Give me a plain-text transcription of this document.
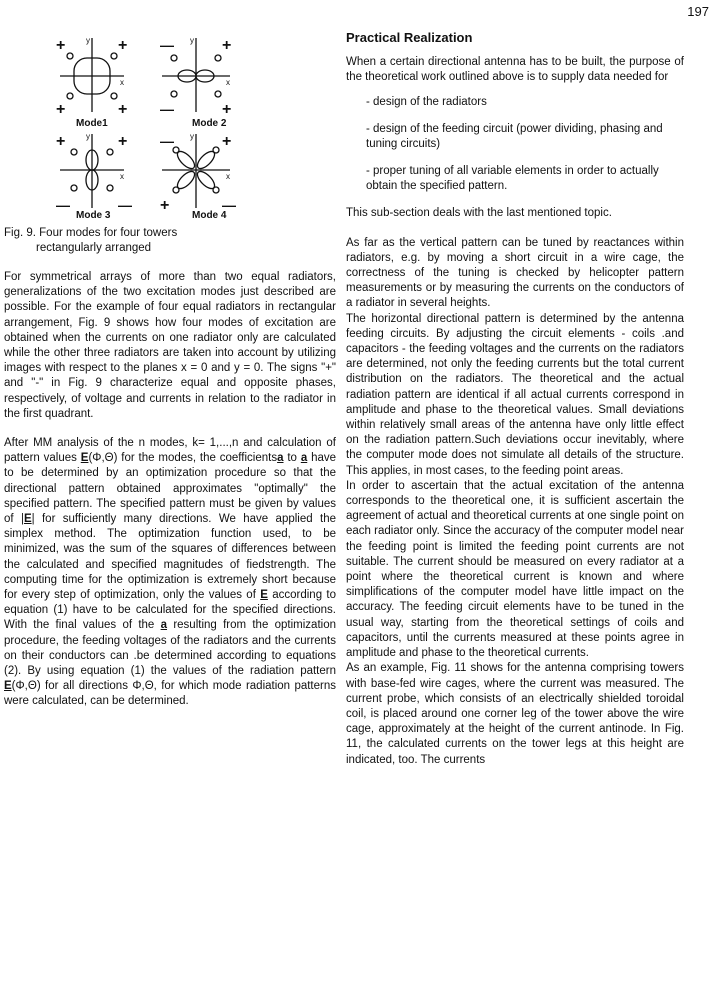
197
+	+
+	+
—	+
—	+
+	+
—	—
—	+
+	—
y
x
y
x
y
x
y
x
Mode1	Mode 2
Mode 3	Mode 4
Fig. 9. Four modes for four towers
rectangularly arranged

For symmetrical arrays of more than two equal radiators, generalizations of the two excitation modes just described are possible. For the example of four equal radiators in rectangular arrangement, Fig. 9 shows how four modes of excitation are obtained when the currents on one radiator only are calculated while the other three radiators are taken into account by utilizing images with respect to the planes x = 0 and y = 0. The signs "+" and "-" in Fig. 9 characterize equal and opposite phases, respectively, of voltage and currents in relation to the radiator in the first quadrant.

After MM analysis of the n modes, k= 1,...,n and calculation of pattern values E(Φ,Θ) for the modes, the coefficientsa to a have to be determined by an optimization procedure so that the directional pattern obtained approximates "optimally" the specified pattern. The specified pattern must be given by values of |E| for sufficiently many directions. We have applied the simplex method. The optimization function used, to be minimized, was the sum of the squares of differences between the calculated and specified magnitudes of fiedstrength. The computing time for the optimization is extremely short because for every step of optimization, only the values of E according to equation (1) have to be calculated for the specified directions. With the final values of the a resulting from the optimization procedure, the feeding voltages of the radiators and the currents on their conductors can .be determined according to equations (2). By using equation (1) the values of the radiation pattern E(Φ,Θ) for all directions Φ,Θ, for which mode radiation patterns were calculated, can be determined.

Practical Realization

When a certain directional antenna has to be built, the purpose of the theoretical work outlined above is to supply data needed for

- design of the radiators
- design of the feeding circuit (power dividing, phasing and tuning circuits)
- proper tuning of all variable elements in order to actually obtain the specified pattern.

This sub-section deals with the last mentioned topic.

As far as the vertical pattern can be tuned by reactances within radiators, e.g. by moving a short circuit in a wire cage, the correctness of the tuning is checked by helicopter pattern measurements or by measuring the currents on the conductors of a radiator in several heights.

The horizontal directional pattern is determined by the antenna feeding circuits. By adjusting the circuit elements - coils .and capacitors - the feeding voltages and the currents on the radiators are determined, not only the feeding currents but the total current distribution on the radiators. The theoretical and the actual radiation pattern are identical if all actual currents correspond in amplitude and phase to the theoretical values. Small deviations within relatively small areas of the antenna have only little effect on the radiation pattern.Such deviations occur inevitably, where the computer mode does not simulate all details of the structure. This applies, in most cases, to the feeding point areas.

In order to ascertain that the actual excitation of the antenna corresponds to the theoretical one, it is sufficient ascertain the agreement of actual and theoretical currents at one single point on each radiator only. Since the accuracy of the computer model near the feeding point is limited the feeding point currents are not suitable. The current should be measured on every radiator at a point where the theoretical current is known and where simplifications of the computer model have little impact on the accuracy. The feeding circuit elements have to be tuned in the usual way, starting from the theoretical settings of coils and capacitors, until the currents measured at these points agree in amplitude and phase to the theoretical currents.

As an example, Fig. 11 shows for the antenna comprising towers with base-fed wire cages, where the current was measured. The current probe, which consists of an electrically shielded toroidal coil, is placed around one corner leg of the tower above the wire cage, approximately at the height of the current antinode. In Fig. 11, the calculated currents on the tower legs at this height are indicated, too. The currents
